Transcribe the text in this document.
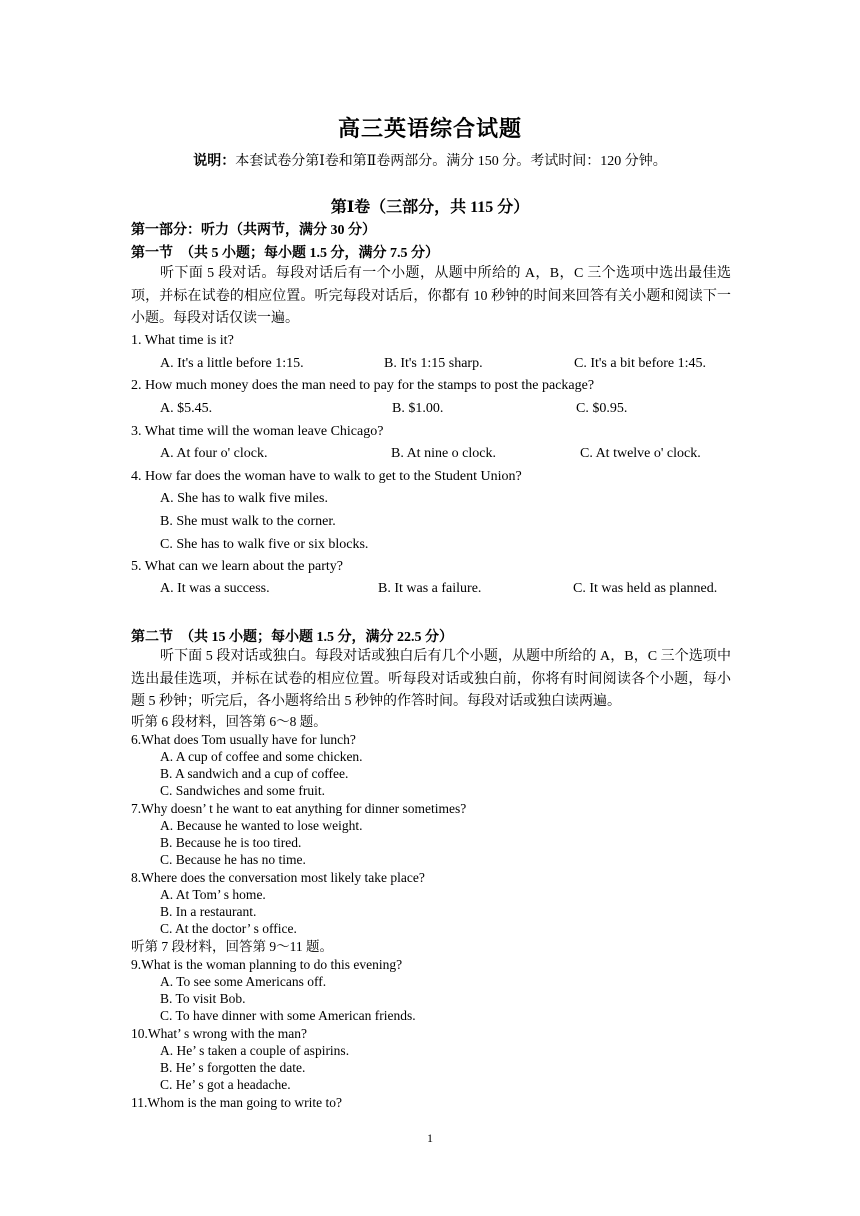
高三英语综合试题
说明：本套试卷分第Ⅰ卷和第Ⅱ卷两部分。满分 150 分。考试时间：120 分钟。
第Ⅰ卷（三部分，共 115 分）
第一部分：听力（共两节，满分 30 分）
第一节　（共 5 小题；每小题 1.5 分，满分 7.5 分）
听下面 5 段对话。每段对话后有一个小题，从题中所给的 A，B，C 三个选项中选出最佳选项，并标在试卷的相应位置。听完每段对话后，你都有 10 秒钟的时间来回答有关小题和阅读下一小题。每段对话仅读一遍。
1. What time is it?
A. It's a little before 1:15.	B. It's 1:15 sharp.	C. It's a bit before 1:45.
2. How much money does the man need to pay for the stamps to post the package?
A. $5.45.	B. $1.00.	C. $0.95.
3. What time will the woman leave Chicago?
A. At four o' clock.	B. At nine o clock.	C. At twelve o' clock.
4. How far does the woman have to walk to get to the Student Union?
A. She has to walk five miles.
B. She must walk to the corner.
C. She has to walk five or six blocks.
5. What can we learn about the party?
A. It was a success.	B. It was a failure.	C. It was held as planned.
第二节　（共 15 小题；每小题 1.5 分，满分 22.5 分）
听下面 5 段对话或独白。每段对话或独白后有几个小题，从题中所给的 A，B，C 三个选项中选出最佳选项，并标在试卷的相应位置。听每段对话或独白前，你将有时间阅读各个小题，每小题 5 秒钟；听完后，各小题将给出 5 秒钟的作答时间。每段对话或独白读两遍。
听第 6 段材料，回答第 6～8 题。
6.What does Tom usually have for lunch?
A. A cup of coffee and some chicken.
B. A sandwich and a cup of coffee.
C. Sandwiches and some fruit.
7.Why doesn’ t he want to eat anything for dinner sometimes?
A. Because he wanted to lose weight.
B. Because he is too tired.
C. Because he has no time.
8.Where does the conversation most likely take place?
A. At Tom’ s home.
B. In a restaurant.
C. At the doctor’ s office.
听第 7 段材料，回答第 9～11 题。
9.What is the woman planning to do this evening?
A. To see some Americans off.
B. To visit Bob.
C. To have dinner with some American friends.
10.What’ s wrong with the man?
A. He’ s taken a couple of aspirins.
B. He’ s forgotten the date.
C. He’ s got a headache.
11.Whom is the man going to write to?
1
